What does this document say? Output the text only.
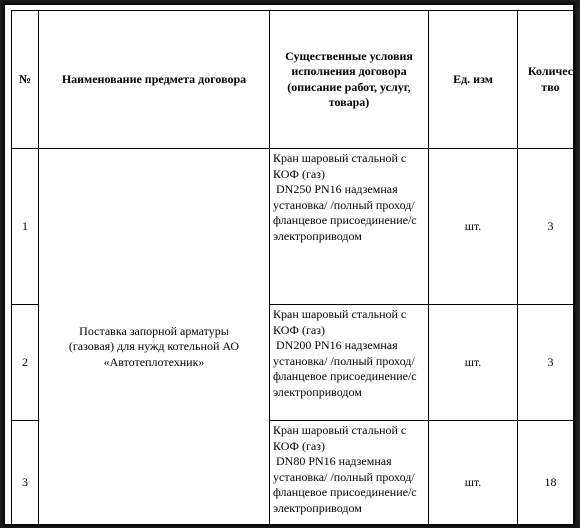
№	Наименование предмета договора	Существенные условия исполнения договора (описание работ, услуг, товара)	Ед. изм	Количество

1	Поставка запорной арматуры (газовая) для нужд котельной АО «Автотеплотехник»	Кран шаровый стальной с КОФ (газ)
DN250 PN16 надземная установка/ /полный проход/фланцевое присоединение/с электроприводом	шт.	3
2		Кран шаровый стальной с КОФ (газ)
DN200 PN16 надземная установка/ /полный проход/фланцевое присоединение/с электроприводом	шт.	3
3		Кран шаровый стальной с КОФ (газ)
DN80 PN16 надземная установка/ /полный проход/фланцевое присоединение/с электроприводом	шт.	18
